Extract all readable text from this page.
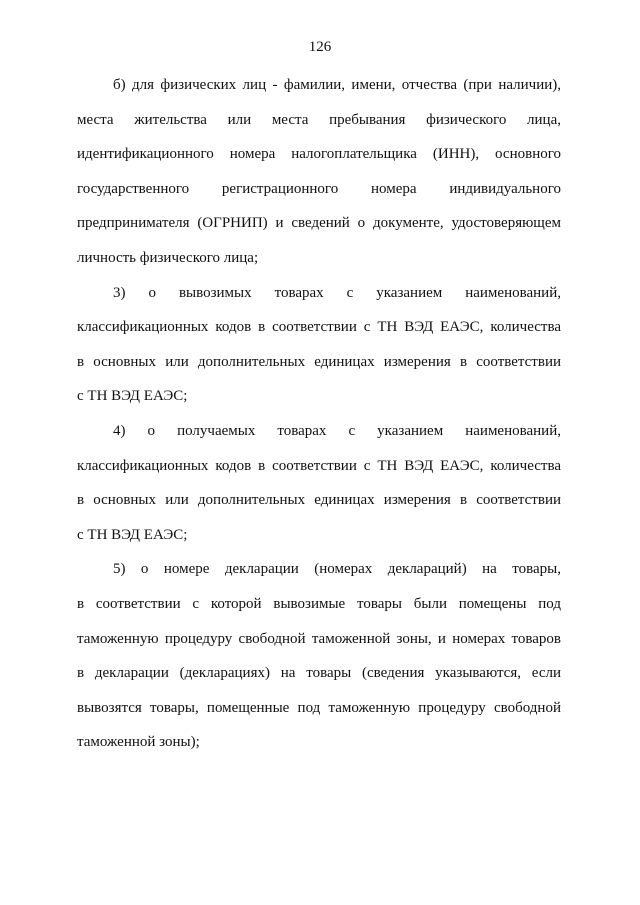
126
б) для физических лиц - фамилии, имени, отчества (при наличии),
места жительства или места пребывания физического лица,
идентификационного номера налогоплательщика (ИНН), основного
государственного регистрационного номера индивидуального
предпринимателя (ОГРНИП) и сведений о документе, удостоверяющем
личность физического лица;
3) о вывозимых товарах с указанием наименований,
классификационных кодов в соответствии с ТН ВЭД ЕАЭС, количества
в основных или дополнительных единицах измерения в соответствии
с ТН ВЭД ЕАЭС;
4) о получаемых товарах с указанием наименований,
классификационных кодов в соответствии с ТН ВЭД ЕАЭС, количества
в основных или дополнительных единицах измерения в соответствии
с ТН ВЭД ЕАЭС;
5) о номере декларации (номерах деклараций) на товары,
в соответствии с которой вывозимые товары были помещены под
таможенную процедуру свободной таможенной зоны, и номерах товаров
в декларации (декларациях) на товары (сведения указываются, если
вывозятся товары, помещенные под таможенную процедуру свободной
таможенной зоны);
